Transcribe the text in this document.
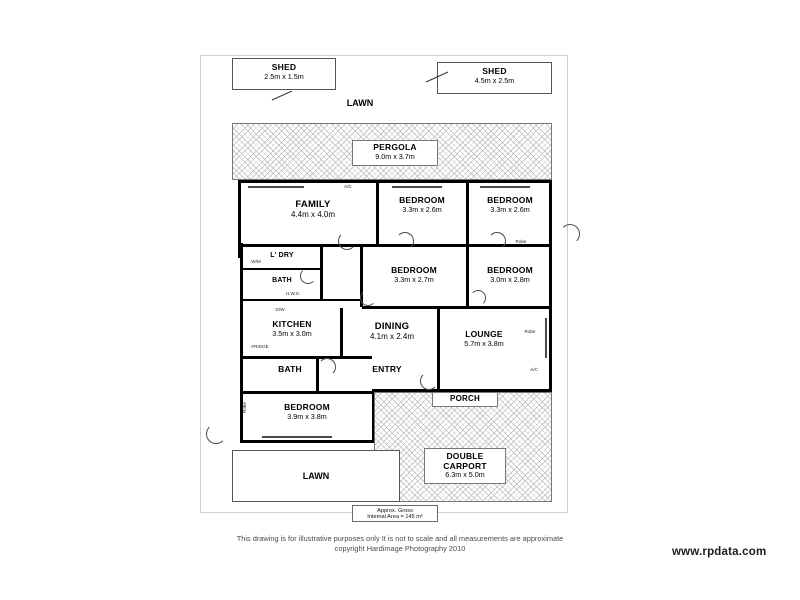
SHED
2.5m x 1.5m
SHED
4.5m x 2.5m
LAWN
PERGOLA
9.0m x 3.7m
FAMILY
4.4m x 4.0m
BEDROOM
3.3m x 2.6m
BEDROOM
3.3m x 2.6m
A/C
L' DRY
BATH
BEDROOM
3.3m x 2.7m
BEDROOM
3.0m x 2.8m
Robe
W/M
H.W.S.
D/W
KITCHEN
3.5m x 3.0m
DINING
4.1m x 2.4m	LOUNGE
5.7m x 3.8m
FRIDGE
Robe
A/C
BATH	ENTRY
BEDROOM
3.9m x 3.8m
Robe
PORCH
DOUBLE
CARPORT
6.3m x 5.0m
LAWN
Approx. Gross
Internal Area = 145 m²
This drawing is for illustrative purposes only It is not to scale and all measurements are approximate
copyright Hardimage Photography 2010	www.rpdata.com
